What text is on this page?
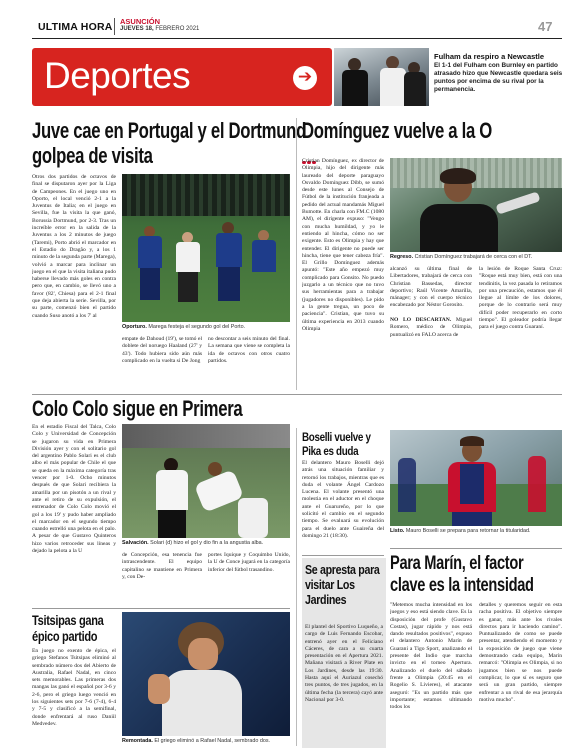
ULTIMA HORA ASUNCIÓN
JUEVES 18, FEBRERO 2021	47
Deportes	➔
Fulham da respiro a Newcastle
El 1-1 del Fulham con Burnley en partido atrasado hizo que Newcastle quedara seis puntos por encima de su rival por la permanencia.
Juve cae en Portugal y el Dortmund golpea de visita
Otros dos partidos de octavos de final se disputaron ayer por la Liga de Campeones. En el juego uno en Oporto, el local venció 2-1 a la Juventus de Italia; en el juego en Sevilla, fue la visita la que ganó, Borussia Dortmund, por 2-3. Tras un increíble error en la salida de la Juventus a los 2 minutos de juego (Taremi), Porto abrió el marcador en el Estadio do Dragão y, a los 1 minuto de la segunda parte (Marega), volvió a marcar para inclinar un juego en el que la visita italiana pudo haberse llevado más goles en contra pero que, en cambio, se llevó uno a favor (82', Chiesa) para el 2-1 final que deja abierta la serie. Sevilla, por su parte, comenzó bien el partido cuando Suso anotó a los 7' al
Oporturo. Marega festeja el segundo gol del Porto.
empate de Dahoud (19'), se tomó el doblete del noruego Haaland (27' y 43'). Todo hubiera sido aún más complicado en la vuelta si De Jong
no descontar a seis minuto del final. La semana que viene se completa la ida de octavos con otros cuatro partidos.
Domínguez vuelve a la O
Cristian Domínguez, ex director de Olimpia, hijo del dirigente más laureado del deporte paraguayo Osvaldo Domínguez Dibb, se sumó desde este lunes al Consejo de Fútbol de la institución franjeada a pedido del actual mandamás Miguel Bumotte. En charla con FM.C (1080 AM), el dirigente expuso: "Vengo con mucha humildad, y yo le entiendo al hincha, cómo no ser exigente. Esto es Olimpia y hay que entender. El dirigente no puede ser hincha, tiene que tener cabeza fría". El Grillo Domínguez además apuntó: "Este año empezó muy complicado para Gonsito. No puedo juzgarlo a un técnico que no tuvo sus herramientas para a trabajar (jugadores no disponibles). Le pido a la gente tregua, un poco de paciencia". Cristian, que tuvo su última experiencia en 2013 cuando Olimpia
Regreso. Cristian Domínguez trabajará de cerca con el DT.
alcanzó su última final de Libertadores, trabajará de cerca con Christian Bassedas, director deportivo; Raúl Vicente Amarilla, mánager; y con el cuerpo técnico encabezado por Néstor Gorosito.

NO LO DESCARTAN. Miguel Romero, médico de Olimpia, puntualizó en FALO acerca de
la lesión de Roque Santa Cruz: "Roque está muy bien, está con una tendinitis, la vez pasada lo retiramos por una precaución, estamos que él llegue al límite de los dolores, porque de lo contrario será muy difícil poder recuperarlo en corto tiempo". El goleador podría llegar para el juego contra Guaraní.
Colo Colo sigue en Primera
En el estadio Fiscal del Talca, Colo Colo y Universidad de Concepción se jugaron su vida en Primera División ayer y con el solitario gol del argentino Pablo Solari es el club albo el más popular de Chile el que se queda en la máxima categoría tras vencer por 1-0. Ocho minutos después de que Solari recibiera la amarilla por un pisotón a un rival y ante el retiro de su expulsión, el entrenador de Colo Colo movió el gol a los 19' y pudo haber ampliado el marcador en el segundo tiempo cuando estrelló una pelota en el palo. A pesar de que Gustavo Quinteros hizo varios retroceder sus líneas y dejado la pelota a la U
Salvación. Solari (d) hizo el gol y dio fin a la angustia alba.
de Concepción, esa tenencia fue intrascendente. El equipo capitalino se mantiene en Primera y, con De-
portes Iquique y Coquimbo Unido, la U de Conce jugará en la categoría inferior del fútbol trasandino.
Tsitsipas gana épico partido
En juego no exento de épica, el griego Stefanos Tsitsipas eliminó al sembrado número dos del Abierto de Australia, Rafael Nadal, en cinco sets memorables. Las primeras dos mangas las ganó el español por 3-6 y 2-6, pero el griego luego venció en los siguientes sets por 7-6 (7-4), 6-4 y 7-5 y clasificó a la semifinal, donde enfrentará al ruso Daniil Medvedev.
Remontada. El griego eliminó a Rafael Nadal, sembrado dos.
Boselli vuelve y Pika es duda
El delantero Mauro Boselli dejó atrás una situación familiar y retornó los trabajos, mientras que es duda el volante Ángel Cardozo Lucena. El volante presentó una molestia en el aductor en el choque ante el Guarureño, por lo que solicitó el cambio en el segundo tiempo. Se evaluará su evolución para el duelo ante Guaireña del domingo 21 (18:30).
Listo. Mauro Boselli se prepara para retornar la titularidad.
Se apresta para visitar Los Jardines
El plantel del Sportivo Luqueño, a cargo de Luis Fernando Escobar, entrenó ayer en el Feliciano Cáceres, de cara a su cuarta presentación en el Apertura 2021. Mañana visitará a River Plate en Los Jardines, desde las 19:30. Hasta aquí el Auriazul cosechó tres puntos, de tres jugados, en la última fecha (la tercera) cayó ante Nacional por 3-0.
Para Marín, el factor clave es la intensidad
"Metemos mucha intensidad en los juegos y eso está siendo clave. Es la disposición del profe (Gustavo Costas), jugar rápido y nos está dando resultados positivos", expuso el delantero Antonio Marín de Guaraní a Tigo Sport, analizando el presente del Indio que marcha invicto en el torneo Apertura. Analizando el duelo del sábado frente a Olimpia (20:45 en el Rogelio S. Livieres), el atacante aseguró: "Es un partido más que importante; estamos ultimando todos los
detalles y queremos seguir en esta racha positiva. El objetivo siempre es ganar, más ante los rivales directos para ir haciendo camino". Puntualizando de como se puede presentar, atendiendo el momento y la exposición de juego que viene demostrando cada equipo, Marín remarcó: "Olimpia es Olimpia, si no jugamos bien se nos puede complicar, lo que sí es seguro que será un gran partido, siempre enfrentar a un rival de esa jerarquía motiva mucho".
